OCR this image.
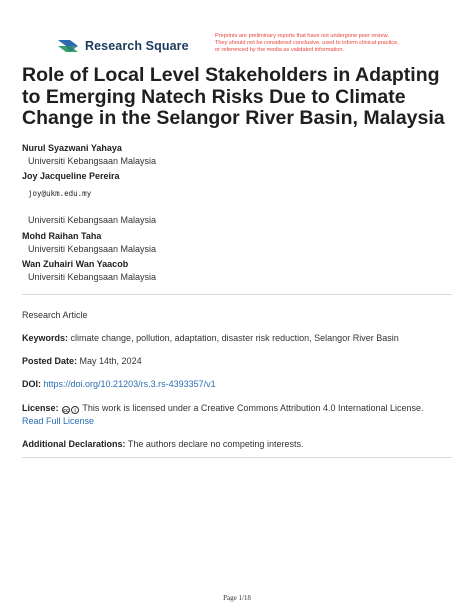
Research Square
Preprints are preliminary reports that have not undergone peer review.
They should not be considered conclusive, used to inform clinical practice,
or referenced by the media as validated information.
Role of Local Level Stakeholders in Adapting to Emerging Natech Risks Due to Climate Change in the Selangor River Basin, Malaysia
Nurul Syazwani Yahaya
Universiti Kebangsaan Malaysia
Joy Jacqueline Pereira
joy@ukm.edu.my
Universiti Kebangsaan Malaysia
Mohd Raihan Taha
Universiti Kebangsaan Malaysia
Wan Zuhairi Wan Yaacob
Universiti Kebangsaan Malaysia
Research Article
Keywords: climate change, pollution, adaptation, disaster risk reduction, Selangor River Basin
Posted Date: May 14th, 2024
DOI: https://doi.org/10.21203/rs.3.rs-4393357/v1
License: cc	i This work is licensed under a Creative Commons Attribution 4.0 International License.
Read Full License
Additional Declarations: The authors declare no competing interests.
Page 1/18
